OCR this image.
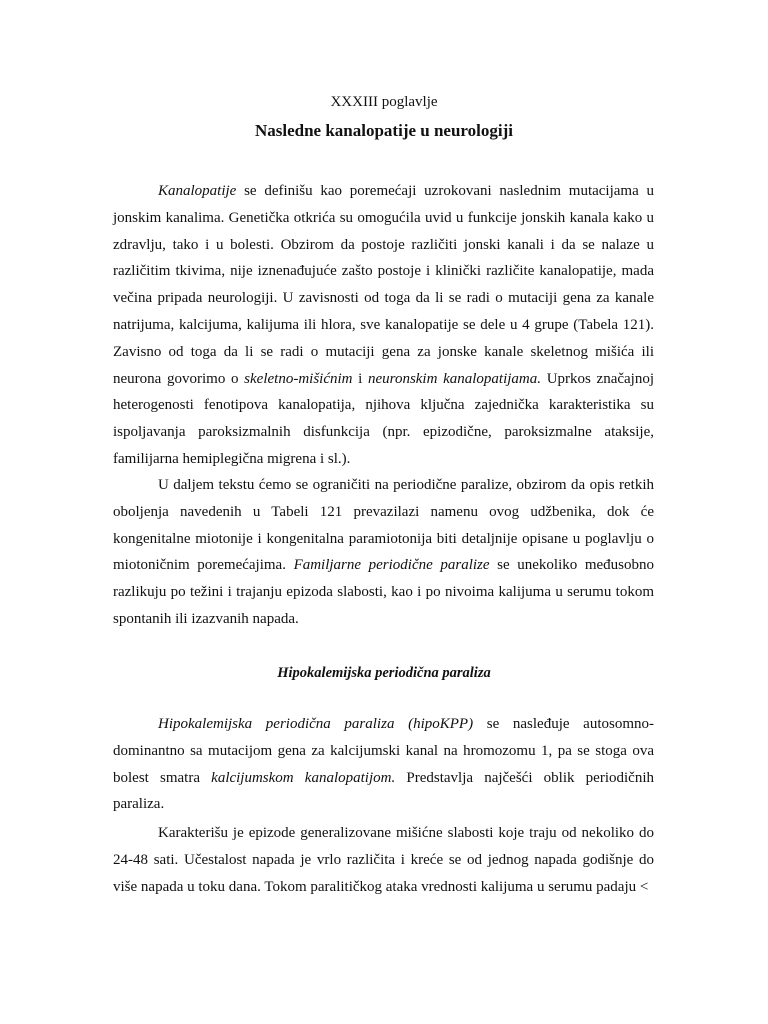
XXXIII poglavlje
Nasledne kanalopatije u neurologiji

Kanalopatije se definišu kao poremećaji uzrokovani naslednim mutacijama u jonskim kanalima. Genetička otkrića su omogućila uvid u funkcije jonskih kanala kako u zdravlju, tako i u bolesti. Obzirom da postoje različiti jonski kanali i da se nalaze u različitim tkivima, nije iznenađujuće zašto postoje i klinički različite kanalopatije, mada večina pripada neurologiji. U zavisnosti od toga da li se radi o mutaciji gena za kanale natrijuma, kalcijuma, kalijuma ili hlora, sve kanalopatije se dele u 4 grupe (Tabela 121). Zavisno od toga da li se radi o mutaciji gena za jonske kanale skeletnog mišića ili neurona govorimo o skeletno-mišićnim i neuronskim kanalopatijama. Uprkos značajnoj heterogenosti fenotipova kanalopatija, njihova ključna zajednička karakteristika su ispoljavanja paroksizmalnih disfunkcija (npr. epizodične, paroksizmalne ataksije, familijarna hemiplegična migrena i sl.).

U daljem tekstu ćemo se ograničiti na periodične paralize, obzirom da opis retkih oboljenja navedenih u Tabeli 121 prevazilazi namenu ovog udžbenika, dok će kongenitalne miotonije i kongenitalna paramiotonija biti detaljnije opisane u poglavlju o miotoničnim poremećajima. Familjarne periodične paralize se unekoliko međusobno razlikuju po težini i trajanju epizoda slabosti, kao i po nivoima kalijuma u serumu tokom spontanih ili izazvanih napada.

Hipokalemijska periodična paraliza

Hipokalemijska periodična paraliza (hipoKPP) se nasleđuje autosomno-dominantno sa mutacijom gena za kalcijumski kanal na hromozomu 1, pa se stoga ova bolest smatra kalcijumskom kanalopatijom. Predstavlja najčešći oblik periodičnih paraliza.

Karakterišu je epizode generalizovane mišićne slabosti koje traju od nekoliko do 24-48 sati. Učestalost napada je vrlo različita i kreće se od jednog napada godišnje do više napada u toku dana. Tokom paralitičkog ataka vrednosti kalijuma u serumu padaju <
